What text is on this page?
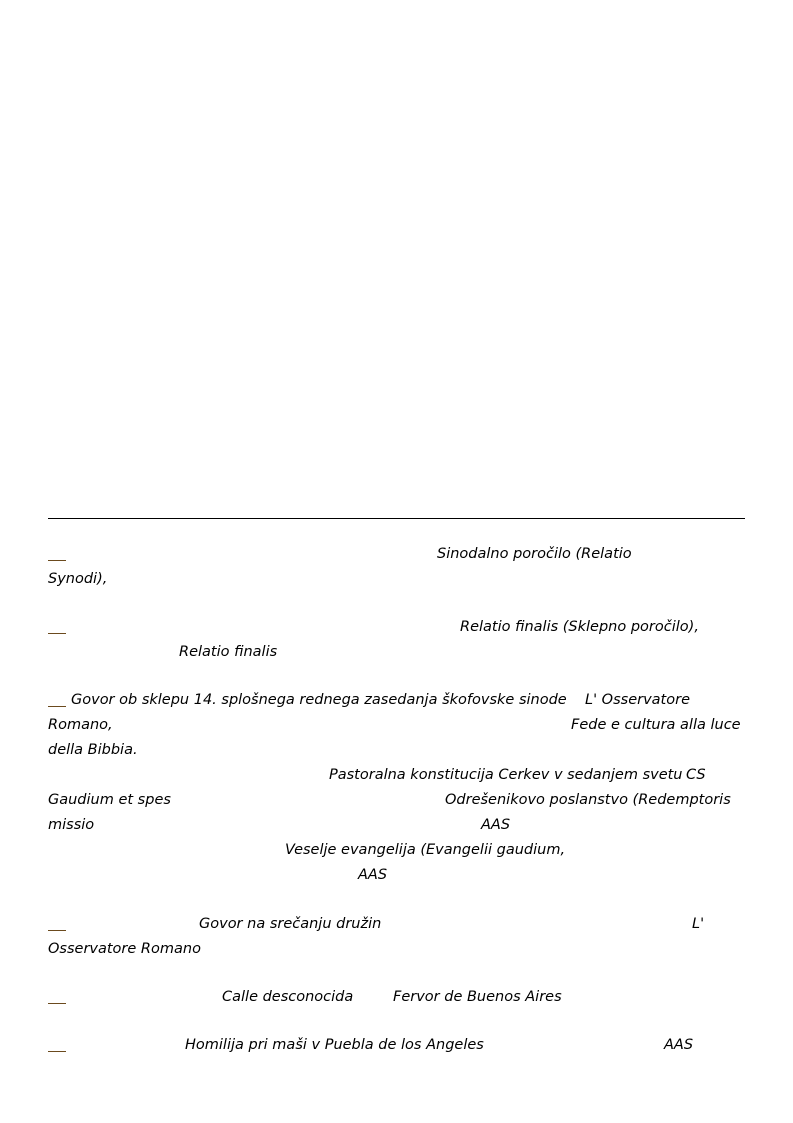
Sinodalno poročilo (Relatio
Synodi),
Relatio finalis (Sklepno poročilo),
Relatio finalis
Govor ob sklepu 14. splošnega rednega zasedanja škofovske sinode L' Osservatore
Romano,	Fede e cultura alla luce
della Bibbia.
Pastoralna konstitucija Cerkev v sedanjem svetu CS
Gaudium et spes	Odrešenikovo poslanstvo (Redemptoris
missio	AAS
Veselje evangelija (Evangelii gaudium,
AAS
Govor na srečanju družin	L'
Osservatore Romano
Calle desconocida	Fervor de Buenos Aires
Homilija pri maši v Puebla de los Angeles	AAS
